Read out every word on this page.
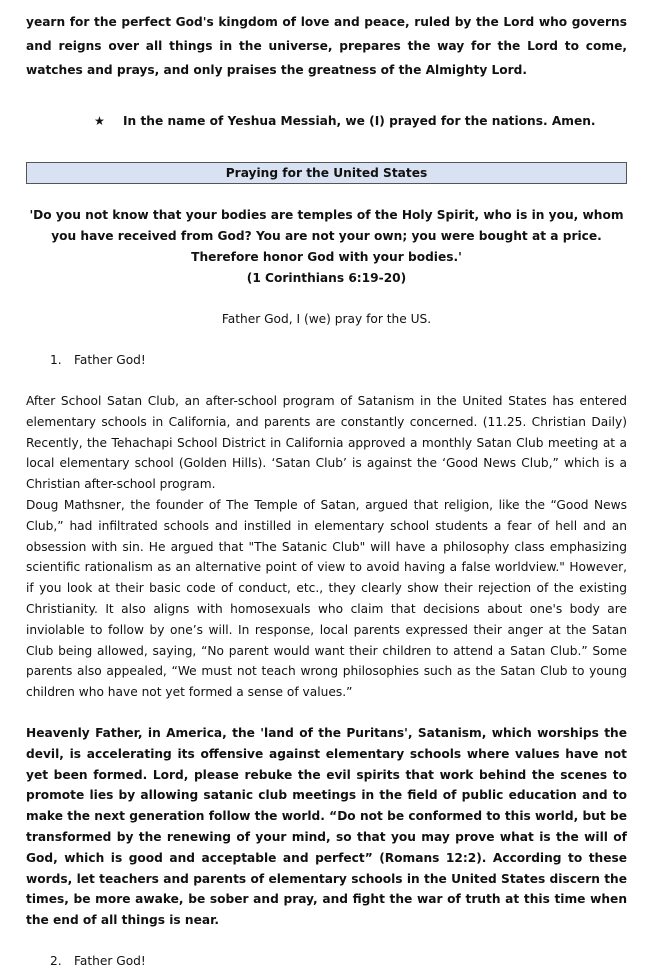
yearn for the perfect God's kingdom of love and peace, ruled by the Lord who governs and reigns over all things in the universe, prepares the way for the Lord to come, watches and prays, and only praises the greatness of the Almighty Lord.

★	In the name of Yeshua Messiah, we (I) prayed for the nations. Amen.
Praying for the United States
'Do you not know that your bodies are temples of the Holy Spirit, who is in you, whom you have received from God? You are not your own; you were bought at a price. Therefore honor God with your bodies.'
(1 Corinthians 6:19-20)
Father God, I (we) pray for the US.
1.	Father God!

After School Satan Club, an after-school program of Satanism in the United States has entered elementary schools in California, and parents are constantly concerned. (11.25. Christian Daily) Recently, the Tehachapi School District in California approved a monthly Satan Club meeting at a local elementary school (Golden Hills). ‘Satan Club’ is against the ‘Good News Club,” which is a Christian after-school program.

Doug Mathsner, the founder of The Temple of Satan, argued that religion, like the “Good News Club,” had infiltrated schools and instilled in elementary school students a fear of hell and an obsession with sin. He argued that "The Satanic Club" will have a philosophy class emphasizing scientific rationalism as an alternative point of view to avoid having a false worldview." However, if you look at their basic code of conduct, etc., they clearly show their rejection of the existing Christianity. It also aligns with homosexuals who claim that decisions about one's body are inviolable to follow by one’s will. In response, local parents expressed their anger at the Satan Club being allowed, saying, “No parent would want their children to attend a Satan Club.” Some parents also appealed, “We must not teach wrong philosophies such as the Satan Club to young children who have not yet formed a sense of values.”

Heavenly Father, in America, the 'land of the Puritans', Satanism, which worships the devil, is accelerating its offensive against elementary schools where values have not yet been formed. Lord, please rebuke the evil spirits that work behind the scenes to promote lies by allowing satanic club meetings in the field of public education and to make the next generation follow the world. “Do not be conformed to this world, but be transformed by the renewing of your mind, so that you may prove what is the will of God, which is good and acceptable and perfect” (Romans 12:2). According to these words, let teachers and parents of elementary schools in the United States discern the times, be more awake, be sober and pray, and fight the war of truth at this time when the end of all things is near.

2.	Father God!
